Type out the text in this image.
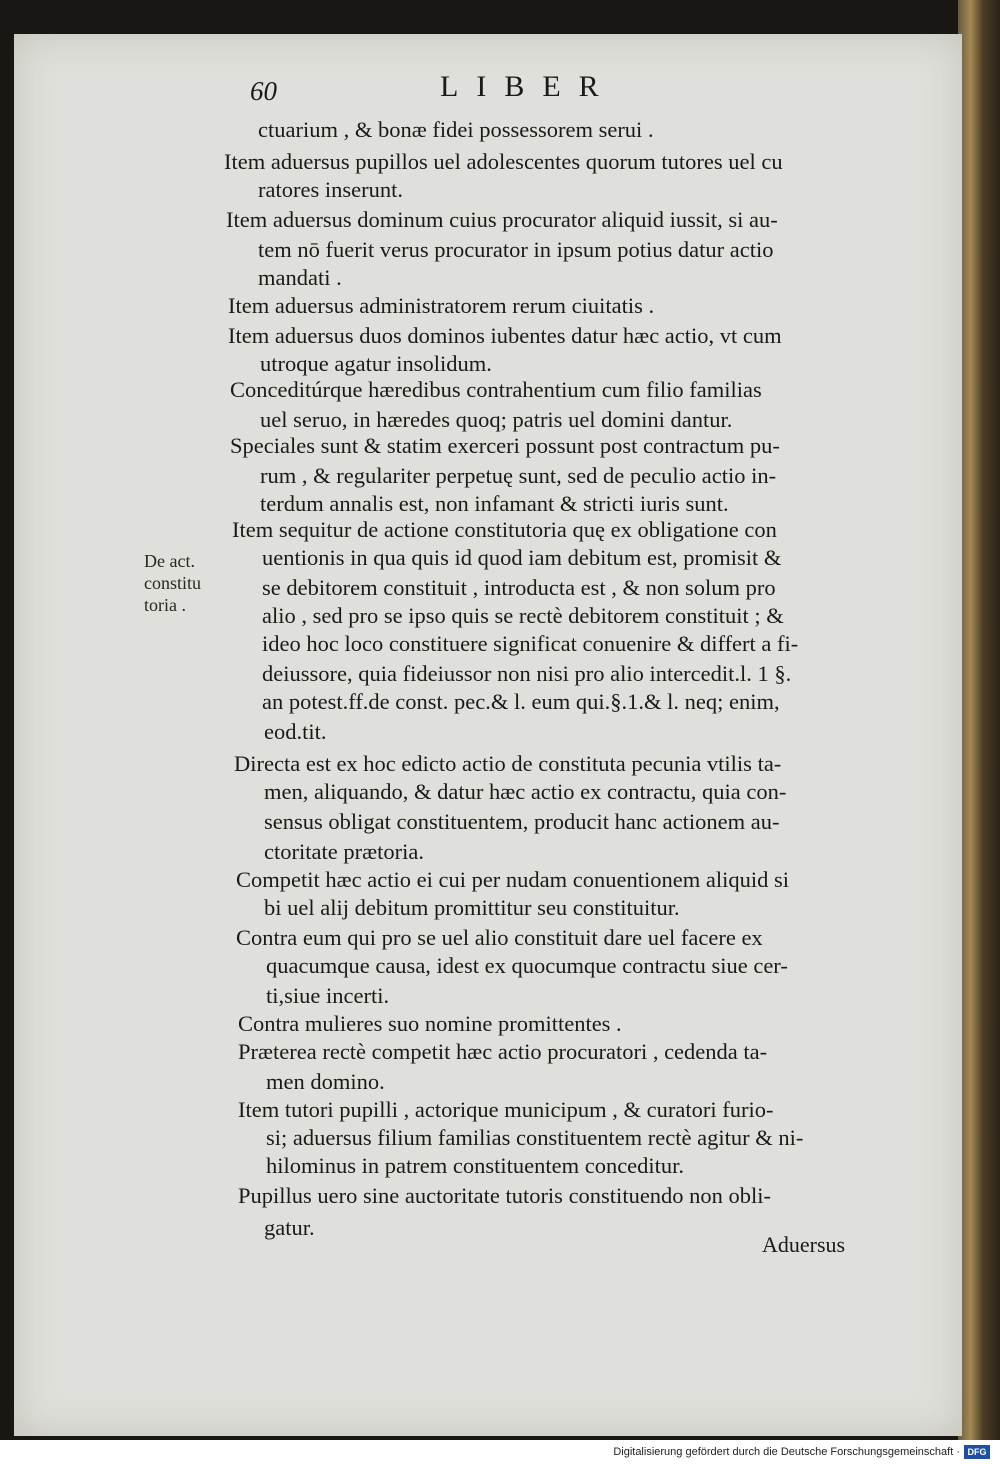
60	LIBER
ctuarium , & bonæ fidei possessorem serui .
Item aduersus pupillos uel adolescentes quorum tutores uel cu
ratores inserunt.
Item aduersus dominum cuius procurator aliquid iussit, si au-
tem nō fuerit verus procurator in ipsum potius datur actio
mandati .
Item aduersus administratorem rerum ciuitatis .
Item aduersus duos dominos iubentes datur hæc actio, vt cum
utroque agatur insolidum.
Conceditúrque hæredibus contrahentium cum filio familias
uel seruo, in hæredes quoq; patris uel domini dantur.
Speciales sunt & statim exerceri possunt post contractum pu-
rum , & regulariter perpetuę sunt, sed de peculio actio in-
terdum annalis est, non infamant & stricti iuris sunt.
Item sequitur de actione constitutoria quę ex obligatione con
uentionis in qua quis id quod iam debitum est, promisit &
se debitorem constituit , introducta est , & non solum pro
alio , sed pro se ipso quis se rectè debitorem constituit ; &
ideo hoc loco constituere significat conuenire & differt a fi-
deiussore, quia fideiussor non nisi pro alio intercedit.l. 1 §.
an potest.ff.de const. pec.& l. eum qui.§.1.& l. neq; enim,
eod.tit.
Directa est ex hoc edicto actio de constituta pecunia vtilis ta-
men, aliquando, & datur hæc actio ex contractu, quia con-
sensus obligat constituentem, producit hanc actionem au-
ctoritate prætoria.
Competit hæc actio ei cui per nudam conuentionem aliquid si
bi uel alij debitum promittitur seu constituitur.
Contra eum qui pro se uel alio constituit dare uel facere ex
quacumque causa, idest ex quocumque contractu siue cer-
ti,siue incerti.
Contra mulieres suo nomine promittentes .
Præterea rectè competit hæc actio procuratori , cedenda ta-
men domino.
Item tutori pupilli , actorique municipum , & curatori furio-
si; aduersus filium familias constituentem rectè agitur & ni-
hilominus in patrem constituentem conceditur.
Pupillus uero sine auctoritate tutoris constituendo non obli-
gatur.
De act.
constitu
toria .
Aduersus
Digitalisierung gefördert durch die Deutsche Forschungsgemeinschaft · DFG
